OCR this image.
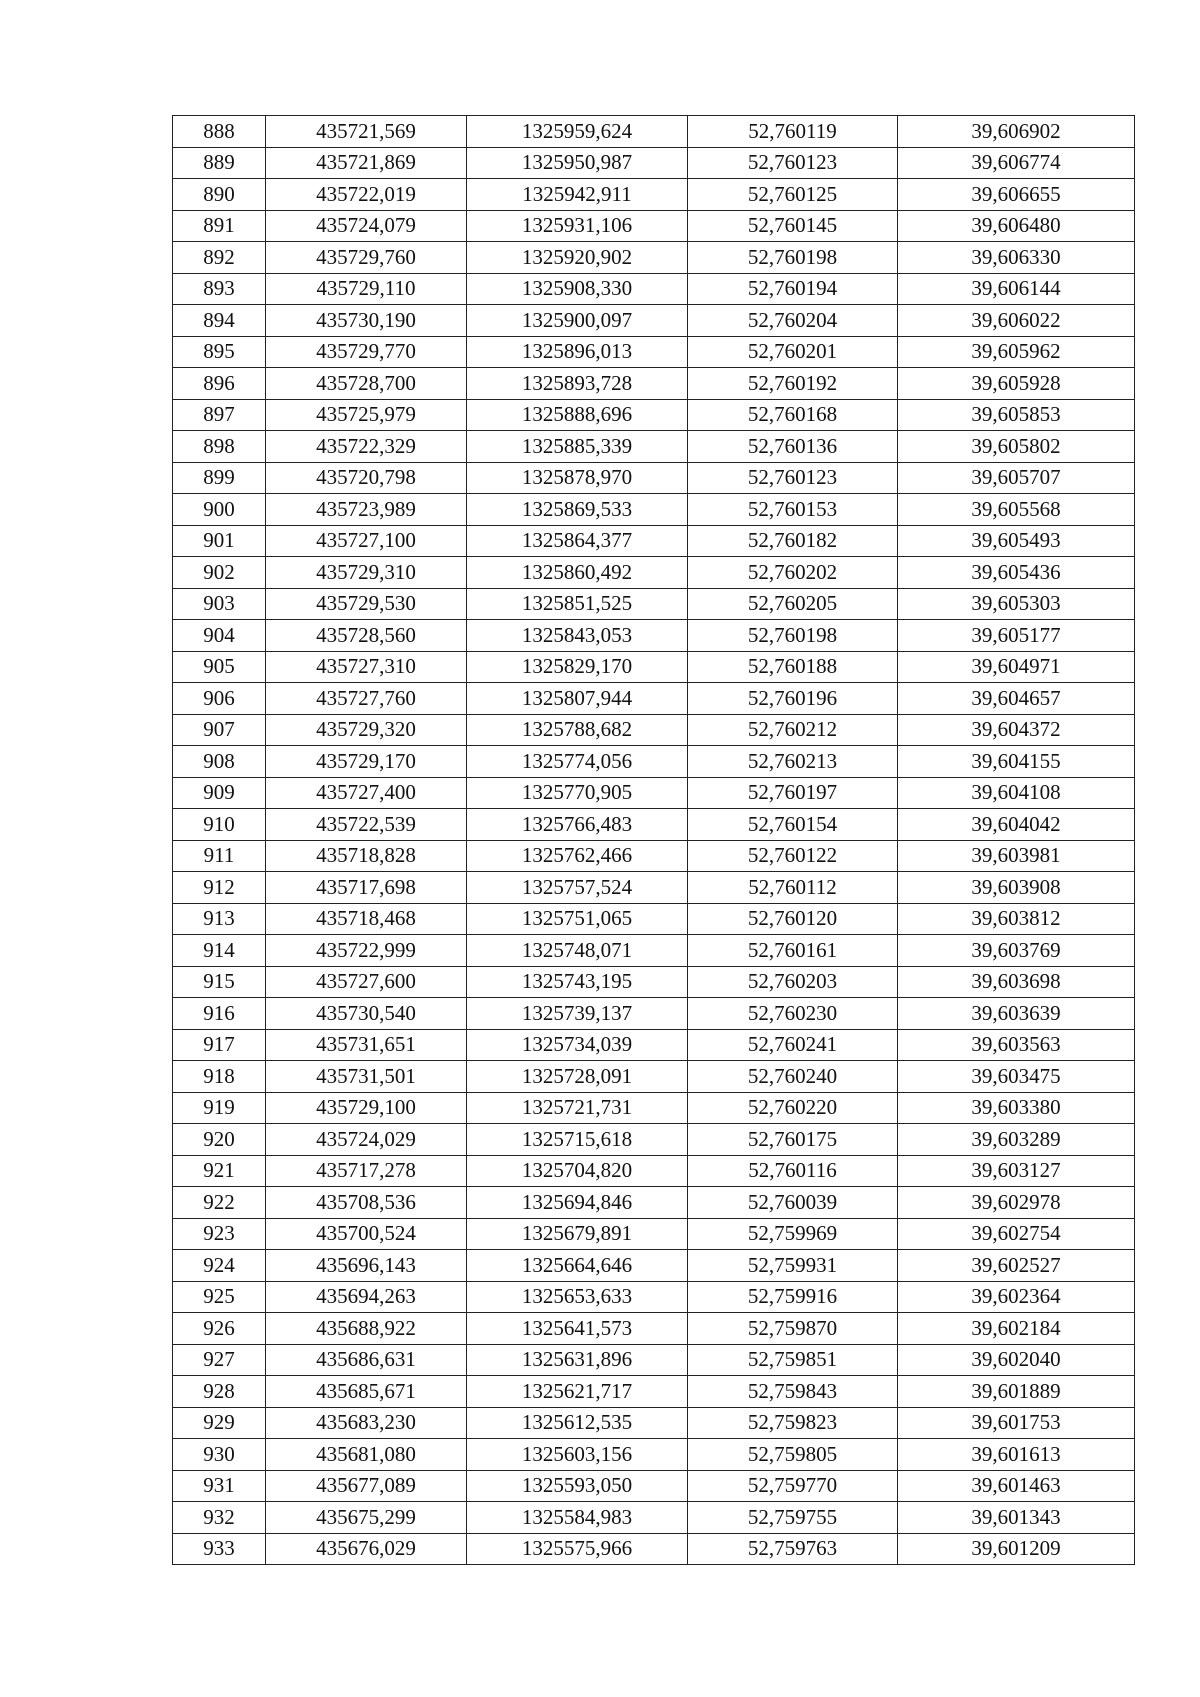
888	435721,569	1325959,624	52,760119	39,606902
889	435721,869	1325950,987	52,760123	39,606774
890	435722,019	1325942,911	52,760125	39,606655
891	435724,079	1325931,106	52,760145	39,606480
892	435729,760	1325920,902	52,760198	39,606330
893	435729,110	1325908,330	52,760194	39,606144
894	435730,190	1325900,097	52,760204	39,606022
895	435729,770	1325896,013	52,760201	39,605962
896	435728,700	1325893,728	52,760192	39,605928
897	435725,979	1325888,696	52,760168	39,605853
898	435722,329	1325885,339	52,760136	39,605802
899	435720,798	1325878,970	52,760123	39,605707
900	435723,989	1325869,533	52,760153	39,605568
901	435727,100	1325864,377	52,760182	39,605493
902	435729,310	1325860,492	52,760202	39,605436
903	435729,530	1325851,525	52,760205	39,605303
904	435728,560	1325843,053	52,760198	39,605177
905	435727,310	1325829,170	52,760188	39,604971
906	435727,760	1325807,944	52,760196	39,604657
907	435729,320	1325788,682	52,760212	39,604372
908	435729,170	1325774,056	52,760213	39,604155
909	435727,400	1325770,905	52,760197	39,604108
910	435722,539	1325766,483	52,760154	39,604042
911	435718,828	1325762,466	52,760122	39,603981
912	435717,698	1325757,524	52,760112	39,603908
913	435718,468	1325751,065	52,760120	39,603812
914	435722,999	1325748,071	52,760161	39,603769
915	435727,600	1325743,195	52,760203	39,603698
916	435730,540	1325739,137	52,760230	39,603639
917	435731,651	1325734,039	52,760241	39,603563
918	435731,501	1325728,091	52,760240	39,603475
919	435729,100	1325721,731	52,760220	39,603380
920	435724,029	1325715,618	52,760175	39,603289
921	435717,278	1325704,820	52,760116	39,603127
922	435708,536	1325694,846	52,760039	39,602978
923	435700,524	1325679,891	52,759969	39,602754
924	435696,143	1325664,646	52,759931	39,602527
925	435694,263	1325653,633	52,759916	39,602364
926	435688,922	1325641,573	52,759870	39,602184
927	435686,631	1325631,896	52,759851	39,602040
928	435685,671	1325621,717	52,759843	39,601889
929	435683,230	1325612,535	52,759823	39,601753
930	435681,080	1325603,156	52,759805	39,601613
931	435677,089	1325593,050	52,759770	39,601463
932	435675,299	1325584,983	52,759755	39,601343
933	435676,029	1325575,966	52,759763	39,601209
